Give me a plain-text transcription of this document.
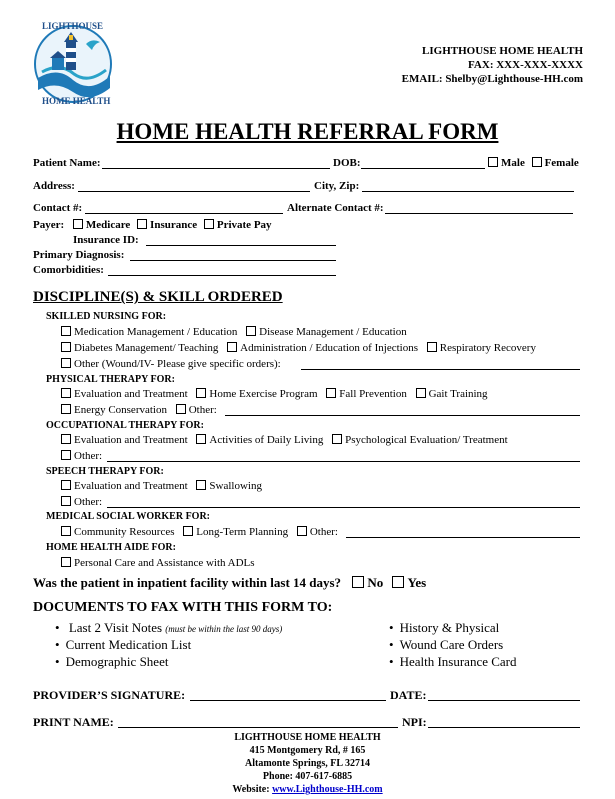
LIGHTHOUSE
HOME HEALTH
LIGHTHOUSE HOME HEALTH
FAX: XXX-XXX-XXXX
EMAIL: Shelby@Lighthouse-HH.com
HOME HEALTH REFERRAL FORM
Patient Name:	DOB:	Male Female
Address:	City, Zip:
Contact #:	Alternate Contact #:
Payer: Medicare Insurance Private Pay
Insurance ID:
Primary Diagnosis:
Comorbidities:
DISCIPLINE(S) & SKILL ORDERED
SKILLED NURSING FOR:
Medication Management / Education Disease Management / Education
Diabetes Management/ Teaching Administration / Education of Injections Respiratory Recovery
Other (Wound/IV- Please give specific orders):
PHYSICAL THERAPY FOR:
Evaluation and Treatment Home Exercise Program Fall Prevention Gait Training
Energy Conservation Other:
OCCUPATIONAL THERAPY FOR:
Evaluation and Treatment Activities of Daily Living Psychological Evaluation/ Treatment
Other:
SPEECH THERAPY FOR:
Evaluation and Treatment Swallowing
Other:
MEDICAL SOCIAL WORKER FOR:
Community Resources Long-Term Planning Other:
HOME HEALTH AIDE FOR:
Personal Care and Assistance with ADLs
Was the patient in inpatient facility within last 14 days? No Yes
DOCUMENTS TO FAX WITH THIS FORM TO:
• Last 2 Visit Notes (must be within the last 90 days)
• Current Medication List
• Demographic Sheet
• History & Physical
• Wound Care Orders
• Health Insurance Card
PROVIDER’S SIGNATURE:	DATE:
PRINT NAME:	NPI:
LIGHTHOUSE HOME HEALTH
415 Montgomery Rd, # 165
Altamonte Springs, FL 32714
Phone: 407-617-6885
Website: www.Lighthouse-HH.com
